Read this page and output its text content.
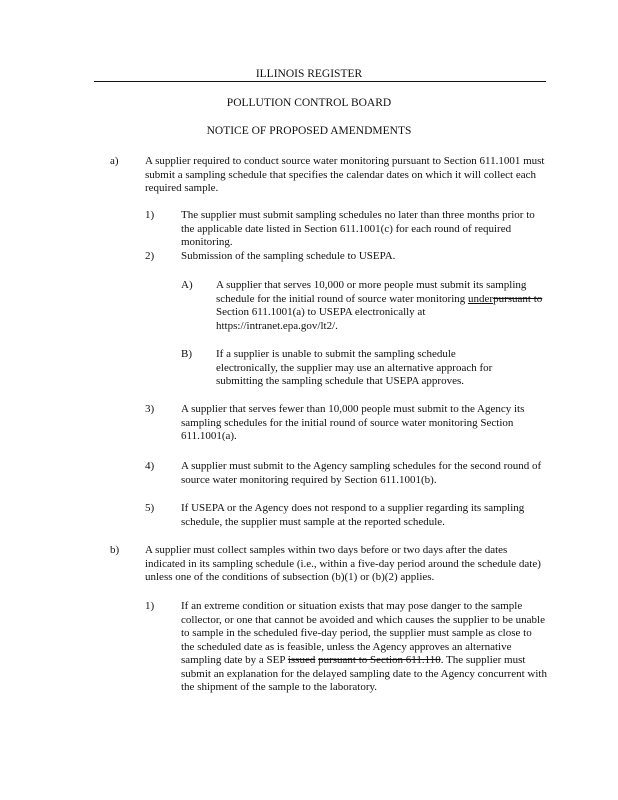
ILLINOIS REGISTER
POLLUTION CONTROL BOARD
NOTICE OF PROPOSED AMENDMENTS
a) A supplier required to conduct source water monitoring pursuant to Section 611.1001 must submit a sampling schedule that specifies the calendar dates on which it will collect each required sample.
1) The supplier must submit sampling schedules no later than three months prior to the applicable date listed in Section 611.1001(c) for each round of required monitoring.
2) Submission of the sampling schedule to USEPA.
A) A supplier that serves 10,000 or more people must submit its sampling schedule for the initial round of source water monitoring underpursuant to Section 611.1001(a) to USEPA electronically at https://intranet.epa.gov/lt2/.
B) If a supplier is unable to submit the sampling schedule electronically, the supplier may use an alternative approach for submitting the sampling schedule that USEPA approves.
3) A supplier that serves fewer than 10,000 people must submit to the Agency its sampling schedules for the initial round of source water monitoring Section 611.1001(a).
4) A supplier must submit to the Agency sampling schedules for the second round of source water monitoring required by Section 611.1001(b).
5) If USEPA or the Agency does not respond to a supplier regarding its sampling schedule, the supplier must sample at the reported schedule.
b) A supplier must collect samples within two days before or two days after the dates indicated in its sampling schedule (i.e., within a five-day period around the schedule date) unless one of the conditions of subsection (b)(1) or (b)(2) applies.
1) If an extreme condition or situation exists that may pose danger to the sample collector, or one that cannot be avoided and which causes the supplier to be unable to sample in the scheduled five-day period, the supplier must sample as close to the scheduled date as is feasible, unless the Agency approves an alternative sampling date by a SEP issued pursuant to Section 611.110. The supplier must submit an explanation for the delayed sampling date to the Agency concurrent with the shipment of the sample to the laboratory.
